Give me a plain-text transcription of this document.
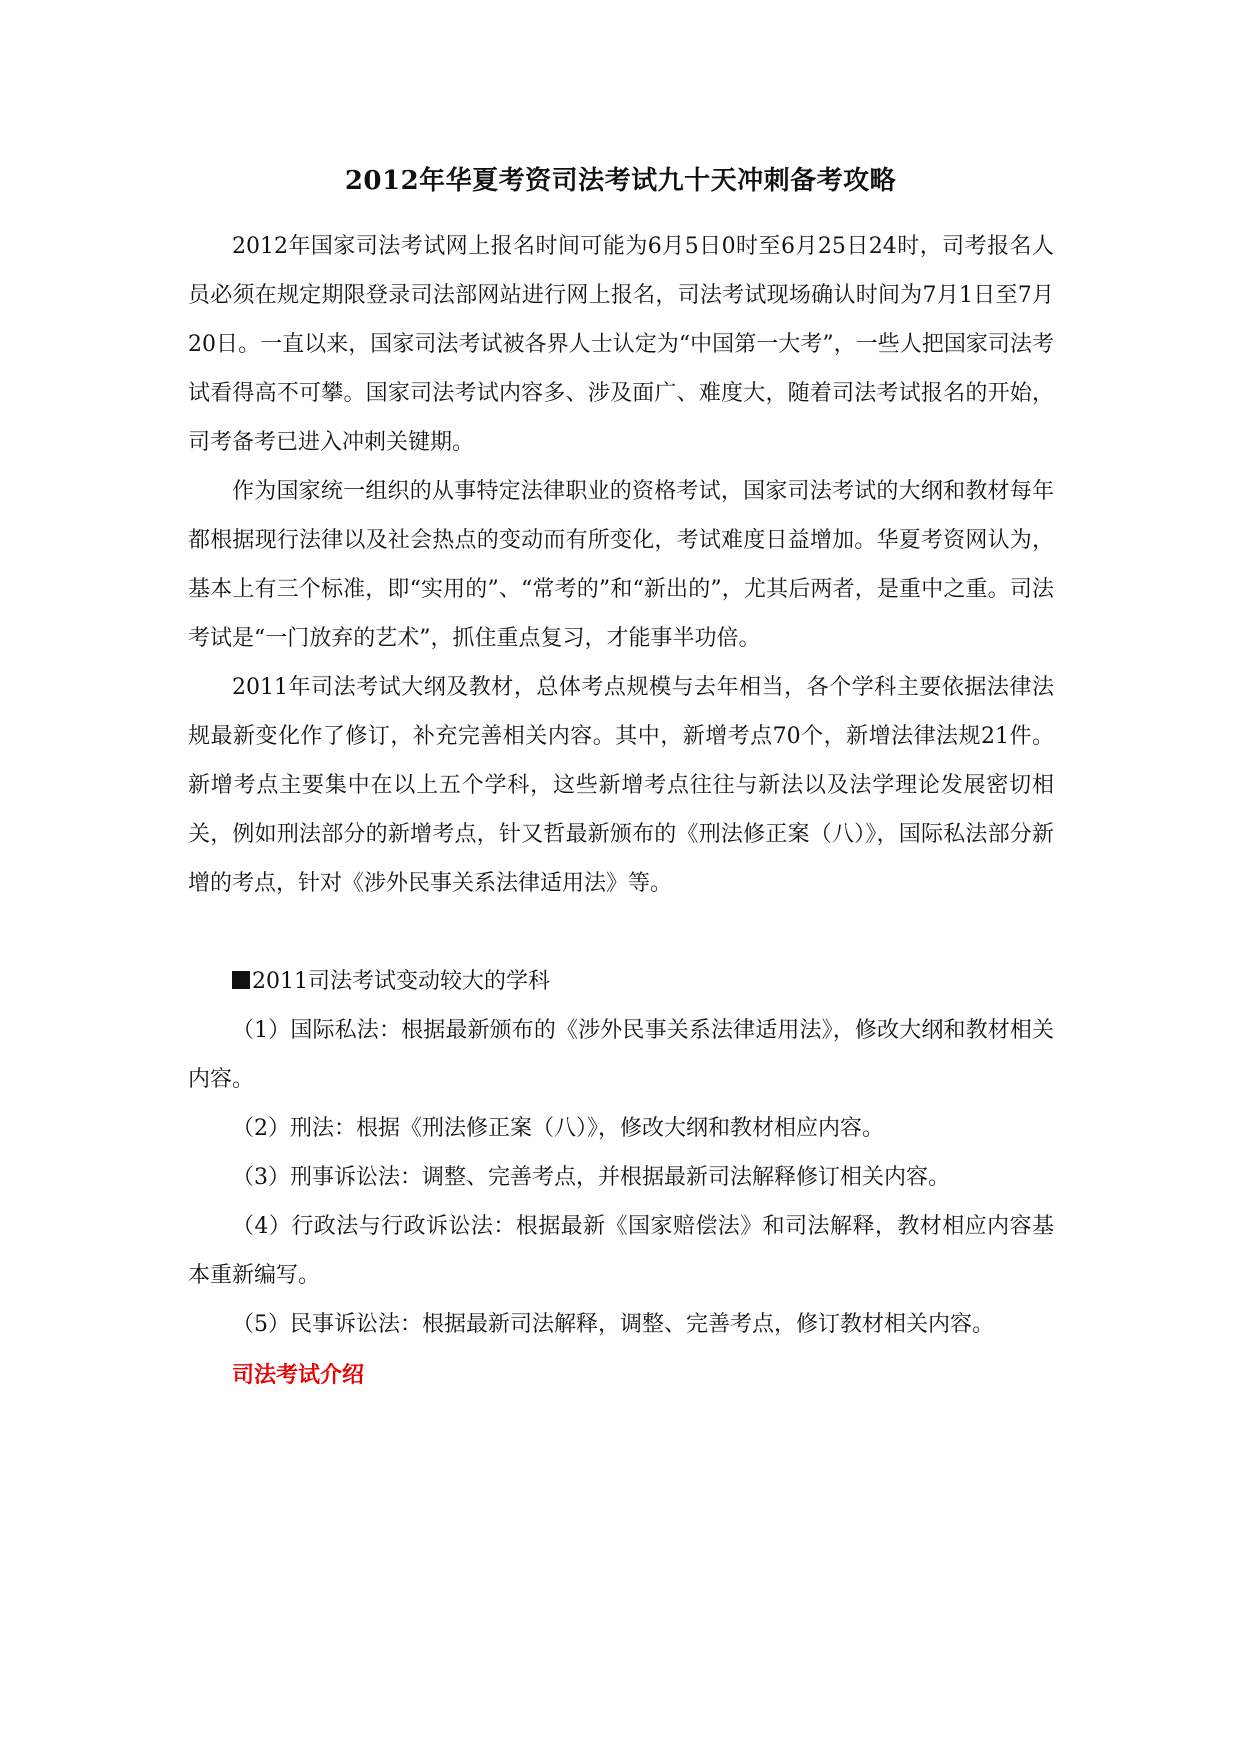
2012年华夏考资司法考试九十天冲刺备考攻略

2012年国家司法考试网上报名时间可能为6月5日0时至6月25日24时，司考报名人员必须在规定期限登录司法部网站进行网上报名，司法考试现场确认时间为7月1日至7月20日。一直以来，国家司法考试被各界人士认定为“中国第一大考”，一些人把国家司法考试看得高不可攀。国家司法考试内容多、涉及面广、难度大，随着司法考试报名的开始，司考备考已进入冲刺关键期。

作为国家统一组织的从事特定法律职业的资格考试，国家司法考试的大纲和教材每年都根据现行法律以及社会热点的变动而有所变化，考试难度日益增加。华夏考资网认为，基本上有三个标准，即“实用的”、“常考的”和“新出的”，尤其后两者，是重中之重。司法考试是“一门放弃的艺术”，抓住重点复习，才能事半功倍。

2011年司法考试大纲及教材，总体考点规模与去年相当，各个学科主要依据法律法规最新变化作了修订，补充完善相关内容。其中，新增考点70个，新增法律法规21件。新增考点主要集中在以上五个学科，这些新增考点往往与新法以及法学理论发展密切相关，例如刑法部分的新增考点，针又哲最新颁布的《刑法修正案（八）》，国际私法部分新增的考点，针对《涉外民事关系法律适用法》等。

2011司法考试变动较大的学科

（1）国际私法：根据最新颁布的《涉外民事关系法律适用法》，修改大纲和教材相关内容。

（2）刑法：根据《刑法修正案（八）》，修改大纲和教材相应内容。

（3）刑事诉讼法：调整、完善考点，并根据最新司法解释修订相关内容。

（4）行政法与行政诉讼法：根据最新《国家赔偿法》和司法解释，教材相应内容基本重新编写。

（5）民事诉讼法：根据最新司法解释，调整、完善考点，修订教材相关内容。

司法考试介绍
